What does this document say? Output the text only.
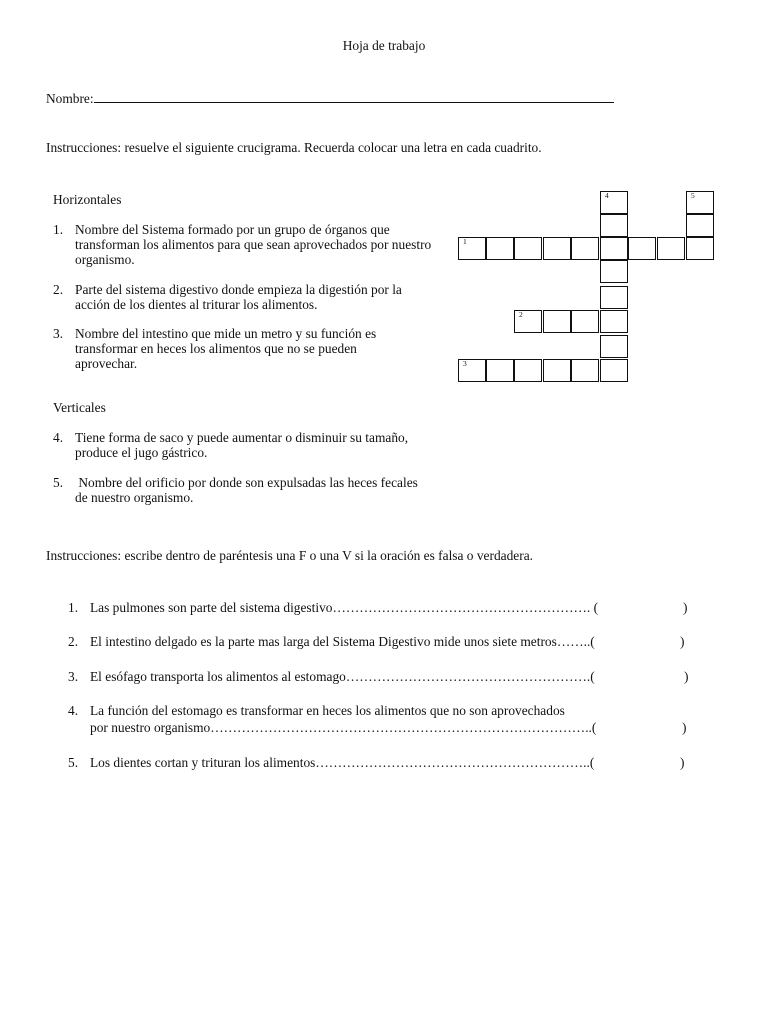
Hoja de trabajo
Nombre:
Instrucciones: resuelve el siguiente crucigrama. Recuerda colocar una letra en cada cuadrito.
Horizontales
1. Nombre del Sistema formado por un grupo de órganos que transforman los alimentos para que sean aprovechados por nuestro organismo.
2. Parte del sistema digestivo donde empieza la digestión por la acción de los dientes al triturar los alimentos.
3. Nombre del intestino que mide un metro y su función es transformar en heces los alimentos que no se pueden aprovechar.
Verticales
4. Tiene forma de saco y puede aumentar o disminuir su tamaño, produce el jugo gástrico.
5. Nombre del orificio por donde son expulsadas las heces fecales de nuestro organismo.
4	5
1
2
3
Instrucciones: escribe dentro de paréntesis una F o una V si la oración es falsa o verdadera.
1. Las pulmones son parte del sistema digestivo…………………………………………………. (	)
2. El intestino delgado es la parte mas larga del Sistema Digestivo mide unos siete metros……..(	)
3. El esófago transporta los alimentos al estomago……………………………………………….(	)
4. La función del estomago es transformar en heces los alimentos que no son aprovechados
por nuestro organismo…………………………………………………………………………..(	)
5. Los dientes cortan y trituran los alimentos……………………………………………………..(	)
